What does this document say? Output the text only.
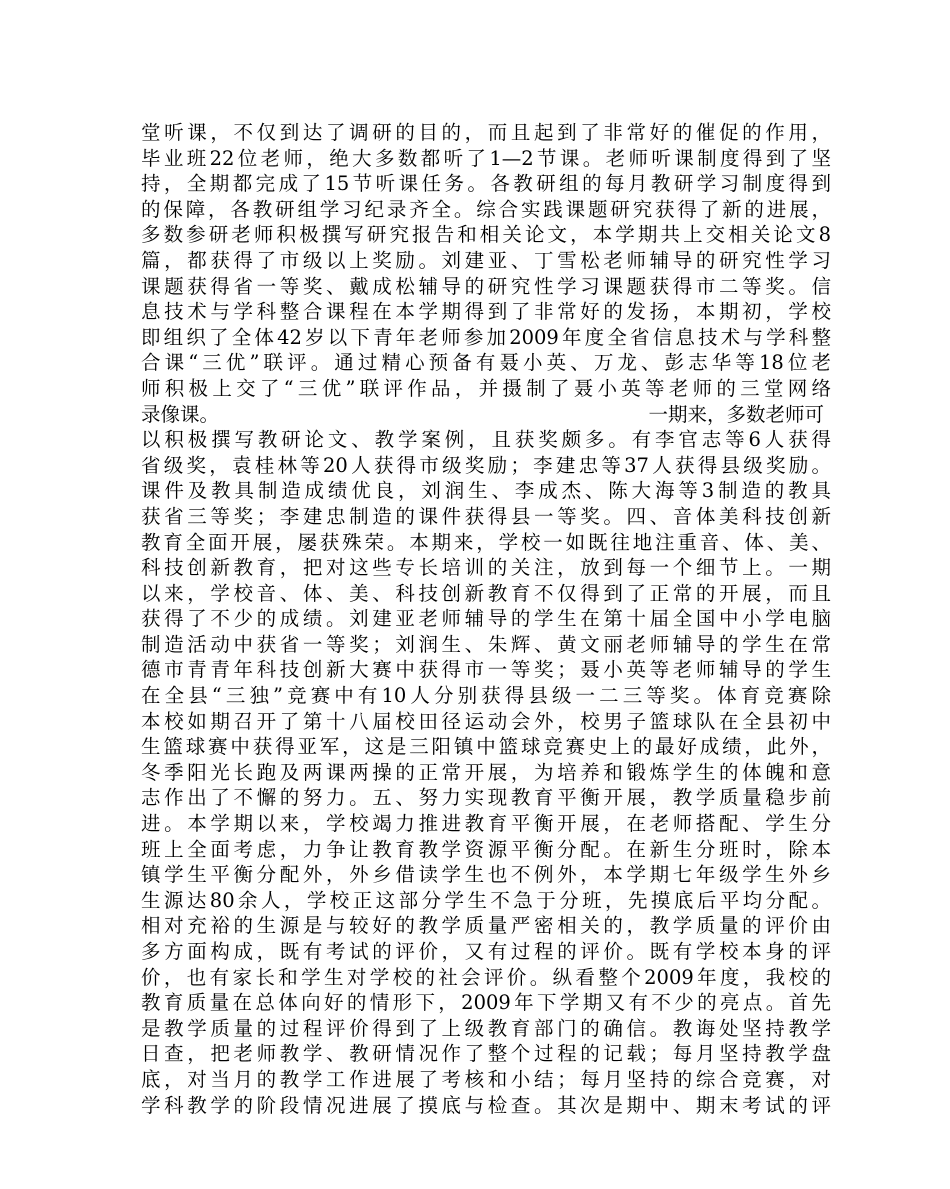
堂听课，不仅到达了调研的目的，而且起到了非常好的催促的作用，
毕业班22位老师，绝大多数都听了1—2节课。老师听课制度得到了坚
持，全期都完成了15节听课任务。各教研组的每月教研学习制度得到
的保障，各教研组学习纪录齐全。综合实践课题研究获得了新的进展，
多数参研老师积极撰写研究报告和相关论文，本学期共上交相关论文8
篇，都获得了市级以上奖励。刘建亚、丁雪松老师辅导的研究性学习
课题获得省一等奖、戴成松辅导的研究性学习课题获得市二等奖。信
息技术与学科整合课程在本学期得到了非常好的发扬，本期初，学校
即组织了全体42岁以下青年老师参加2009年度全省信息技术与学科整
合课“三优”联评。通过精心预备有聂小英、万龙、彭志华等18位老
师积极上交了“三优”联评作品，并摄制了聂小英等老师的三堂网络
录像课。	一期来，多数老师可
以积极撰写教研论文、教学案例，且获奖颇多。有李官志等6人获得
省级奖，袁桂林等20人获得市级奖励；李建忠等37人获得县级奖励。
课件及教具制造成绩优良，刘润生、李成杰、陈大海等3制造的教具
获省三等奖；李建忠制造的课件获得县一等奖。四、音体美科技创新
教育全面开展，屡获殊荣。本期来，学校一如既往地注重音、体、美、
科技创新教育，把对这些专长培训的关注，放到每一个细节上。一期
以来，学校音、体、美、科技创新教育不仅得到了正常的开展，而且
获得了不少的成绩。刘建亚老师辅导的学生在第十届全国中小学电脑
制造活动中获省一等奖；刘润生、朱辉、黄文丽老师辅导的学生在常
德市青青年科技创新大赛中获得市一等奖；聂小英等老师辅导的学生
在全县“三独”竞赛中有10人分别获得县级一二三等奖。体育竞赛除
本校如期召开了第十八届校田径运动会外，校男子篮球队在全县初中
生篮球赛中获得亚军，这是三阳镇中篮球竞赛史上的最好成绩，此外，
冬季阳光长跑及两课两操的正常开展，为培养和锻炼学生的体魄和意
志作出了不懈的努力。五、努力实现教育平衡开展，教学质量稳步前
进。本学期以来，学校竭力推进教育平衡开展，在老师搭配、学生分
班上全面考虑，力争让教育教学资源平衡分配。在新生分班时，除本
镇学生平衡分配外，外乡借读学生也不例外，本学期七年级学生外乡
生源达80余人，学校正这部分学生不急于分班，先摸底后平均分配。
相对充裕的生源是与较好的教学质量严密相关的，教学质量的评价由
多方面构成，既有考试的评价，又有过程的评价。既有学校本身的评
价，也有家长和学生对学校的社会评价。纵看整个2009年度，我校的
教育质量在总体向好的情形下，2009年下学期又有不少的亮点。首先
是教学质量的过程评价得到了上级教育部门的确信。教诲处坚持教学
日查，把老师教学、教研情况作了整个过程的记载；每月坚持教学盘
底，对当月的教学工作进展了考核和小结；每月坚持的综合竞赛，对
学科教学的阶段情况进展了摸底与检查。其次是期中、期末考试的评
